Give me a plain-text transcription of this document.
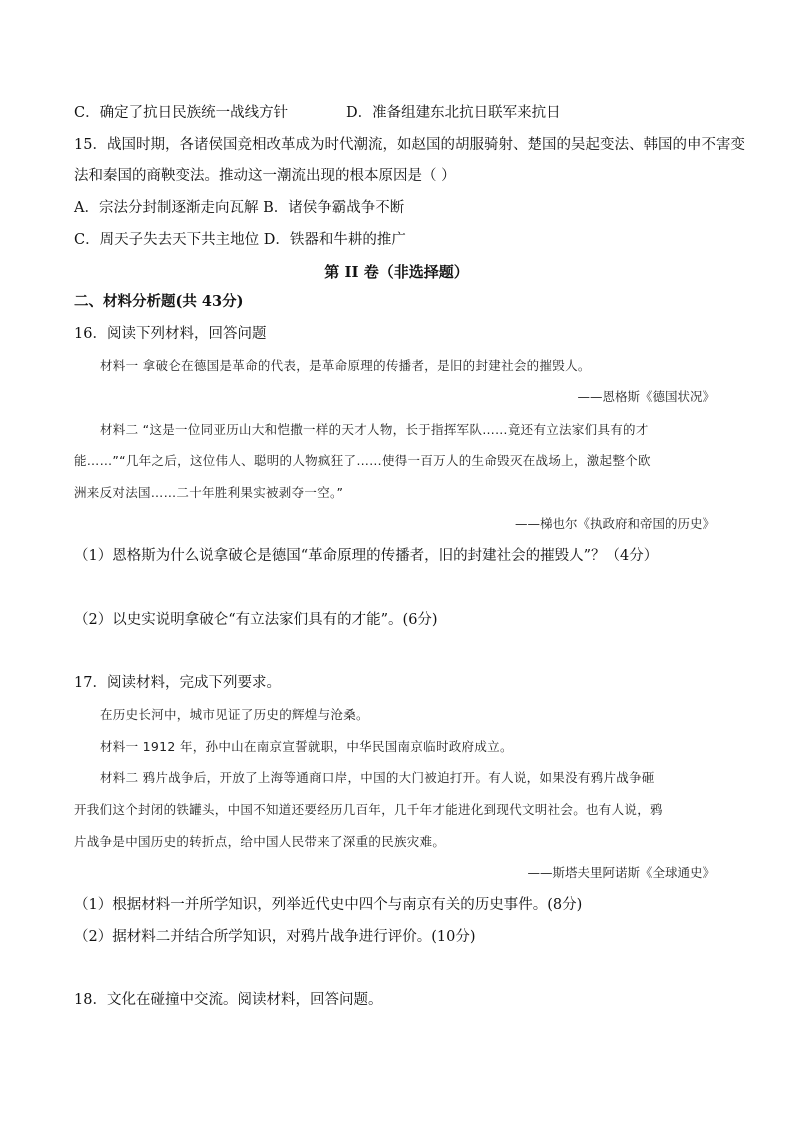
C．确定了抗日民族统一战线方针	D．准备组建东北抗日联军来抗日
15．战国时期，各诸侯国竞相改革成为时代潮流，如赵国的胡服骑射、楚国的吴起变法、韩国的申不害变
法和秦国的商鞅变法。推动这一潮流出现的根本原因是（ ）
A．宗法分封制逐渐走向瓦解 B．诸侯争霸战争不断
C．周天子失去天下共主地位 D．铁器和牛耕的推广
第 II 卷（非选择题）
二、材料分析题(共 43分)
16．阅读下列材料，回答问题
材料一 拿破仑在德国是革命的代表，是革命原理的传播者，是旧的封建社会的摧毁人。
——恩格斯《德国状况》
材料二 “这是一位同亚历山大和恺撒一样的天才人物，长于指挥军队……竟还有立法家们具有的才
能……”“几年之后，这位伟人、聪明的人物疯狂了……使得一百万人的生命毁灭在战场上，激起整个欧
洲来反对法国……二十年胜利果实被剥夺一空。”
——梯也尔《执政府和帝国的历史》
（1）恩格斯为什么说拿破仑是德国“革命原理的传播者，旧的封建社会的摧毁人”？（4分）
（2）以史实说明拿破仑“有立法家们具有的才能”。(6分)
17．阅读材料，完成下列要求。
在历史长河中，城市见证了历史的辉煌与沧桑。
材料一 1912 年，孙中山在南京宣誓就职，中华民国南京临时政府成立。
材料二 鸦片战争后，开放了上海等通商口岸，中国的大门被迫打开。有人说，如果没有鸦片战争砸
开我们这个封闭的铁罐头，中国不知道还要经历几百年，几千年才能进化到现代文明社会。也有人说，鸦
片战争是中国历史的转折点，给中国人民带来了深重的民族灾难。
——斯塔夫里阿诺斯《全球通史》
（1）根据材料一并所学知识，列举近代史中四个与南京有关的历史事件。(8分)
（2）据材料二并结合所学知识，对鸦片战争进行评价。(10分)
18．文化在碰撞中交流。阅读材料，回答问题。
